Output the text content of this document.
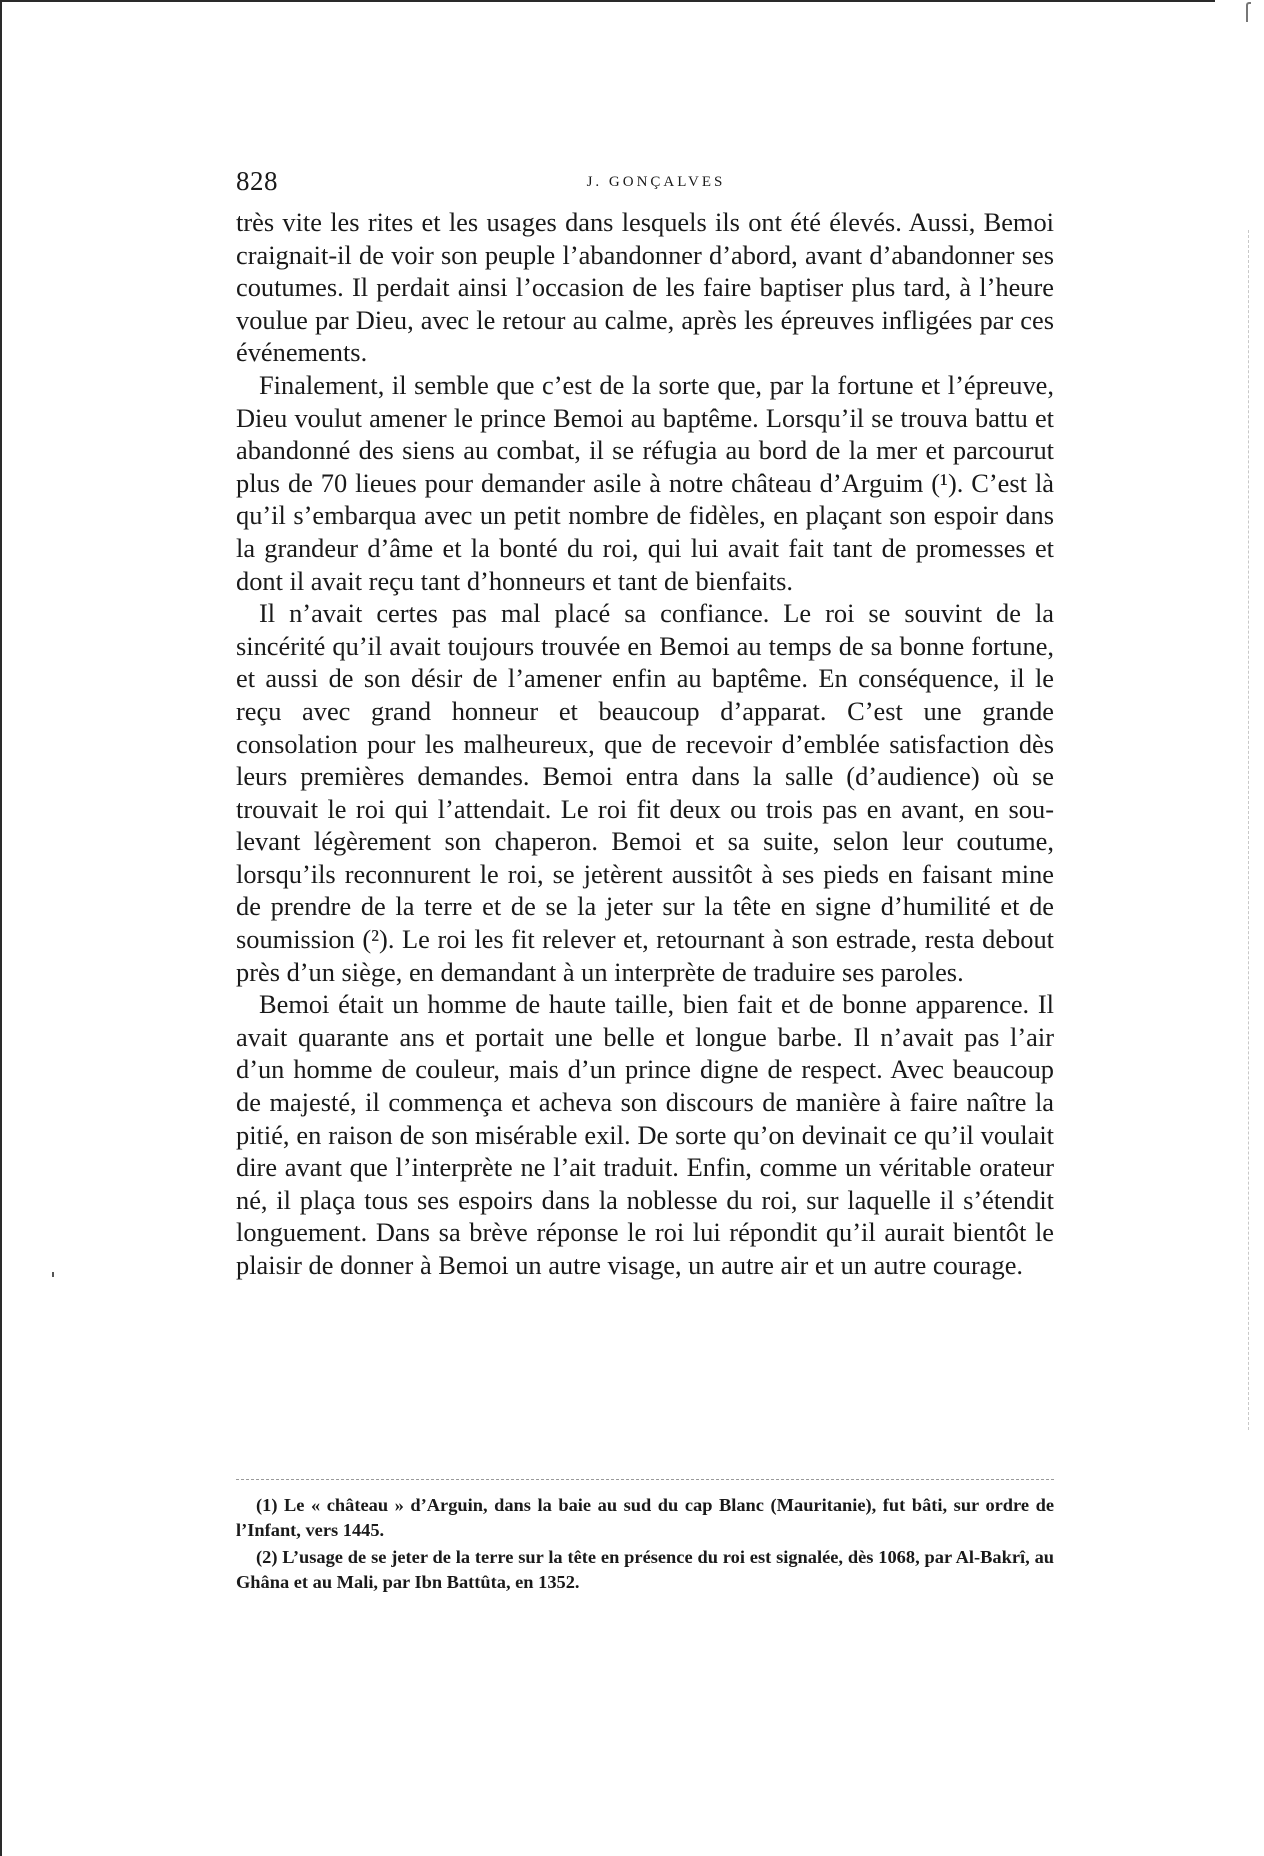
828	J. GONÇALVES

très vite les rites et les usages dans lesquels ils ont été élevés. Aussi, Bemoi craignait-il de voir son peuple l’abandonner d’abord, avant d’abandonner ses coutumes. Il perdait ainsi l’occasion de les faire baptiser plus tard, à l’heure voulue par Dieu, avec le retour au calme, après les épreuves infligées par ces événements.

Finalement, il semble que c’est de la sorte que, par la fortune et l’épreuve, Dieu voulut amener le prince Bemoi au baptême. Lorsqu’il se trouva battu et abandonné des siens au combat, il se réfugia au bord de la mer et parcourut plus de 70 lieues pour demander asile à notre château d’Arguim (¹). C’est là qu’il s’embarqua avec un petit nombre de fidèles, en plaçant son espoir dans la grandeur d’âme et la bonté du roi, qui lui avait fait tant de promesses et dont il avait reçu tant d’honneurs et tant de bienfaits.

Il n’avait certes pas mal placé sa confiance. Le roi se souvint de la sincérité qu’il avait toujours trouvée en Bemoi au temps de sa bonne fortune, et aussi de son désir de l’amener enfin au baptême. En conséquence, il le reçu avec grand honneur et beaucoup d’apparat. C’est une grande consolation pour les malheureux, que de recevoir d’emblée satisfaction dès leurs premières demandes. Bemoi entra dans la salle (d’audience) où se trouvait le roi qui l’attendait. Le roi fit deux ou trois pas en avant, en soulevant légèrement son chaperon. Bemoi et sa suite, selon leur coutume, lorsqu’ils reconnurent le roi, se jetèrent aussitôt à ses pieds en faisant mine de prendre de la terre et de se la jeter sur la tête en signe d’humilité et de soumission (²). Le roi les fit relever et, retournant à son estrade, resta debout près d’un siège, en demandant à un interprète de traduire ses paroles.

Bemoi était un homme de haute taille, bien fait et de bonne apparence. Il avait quarante ans et portait une belle et longue barbe. Il n’avait pas l’air d’un homme de couleur, mais d’un prince digne de respect. Avec beaucoup de majesté, il commença et acheva son discours de manière à faire naître la pitié, en raison de son misérable exil. De sorte qu’on devinait ce qu’il voulait dire avant que l’interprète ne l’ait traduit. Enfin, comme un véritable orateur né, il plaça tous ses espoirs dans la noblesse du roi, sur laquelle il s’étendit longuement. Dans sa brève réponse le roi lui répondit qu’il aurait bientôt le plaisir de donner à Bemoi un autre visage, un autre air et un autre courage.

(1) Le « château » d’Arguin, dans la baie au sud du cap Blanc (Mauritanie), fut bâti, sur ordre de l’Infant, vers 1445.

(2) L’usage de se jeter de la terre sur la tête en présence du roi est signalée, dès 1068, par Al-Bakrî, au Ghâna et au Mali, par Ibn Battûta, en 1352.
